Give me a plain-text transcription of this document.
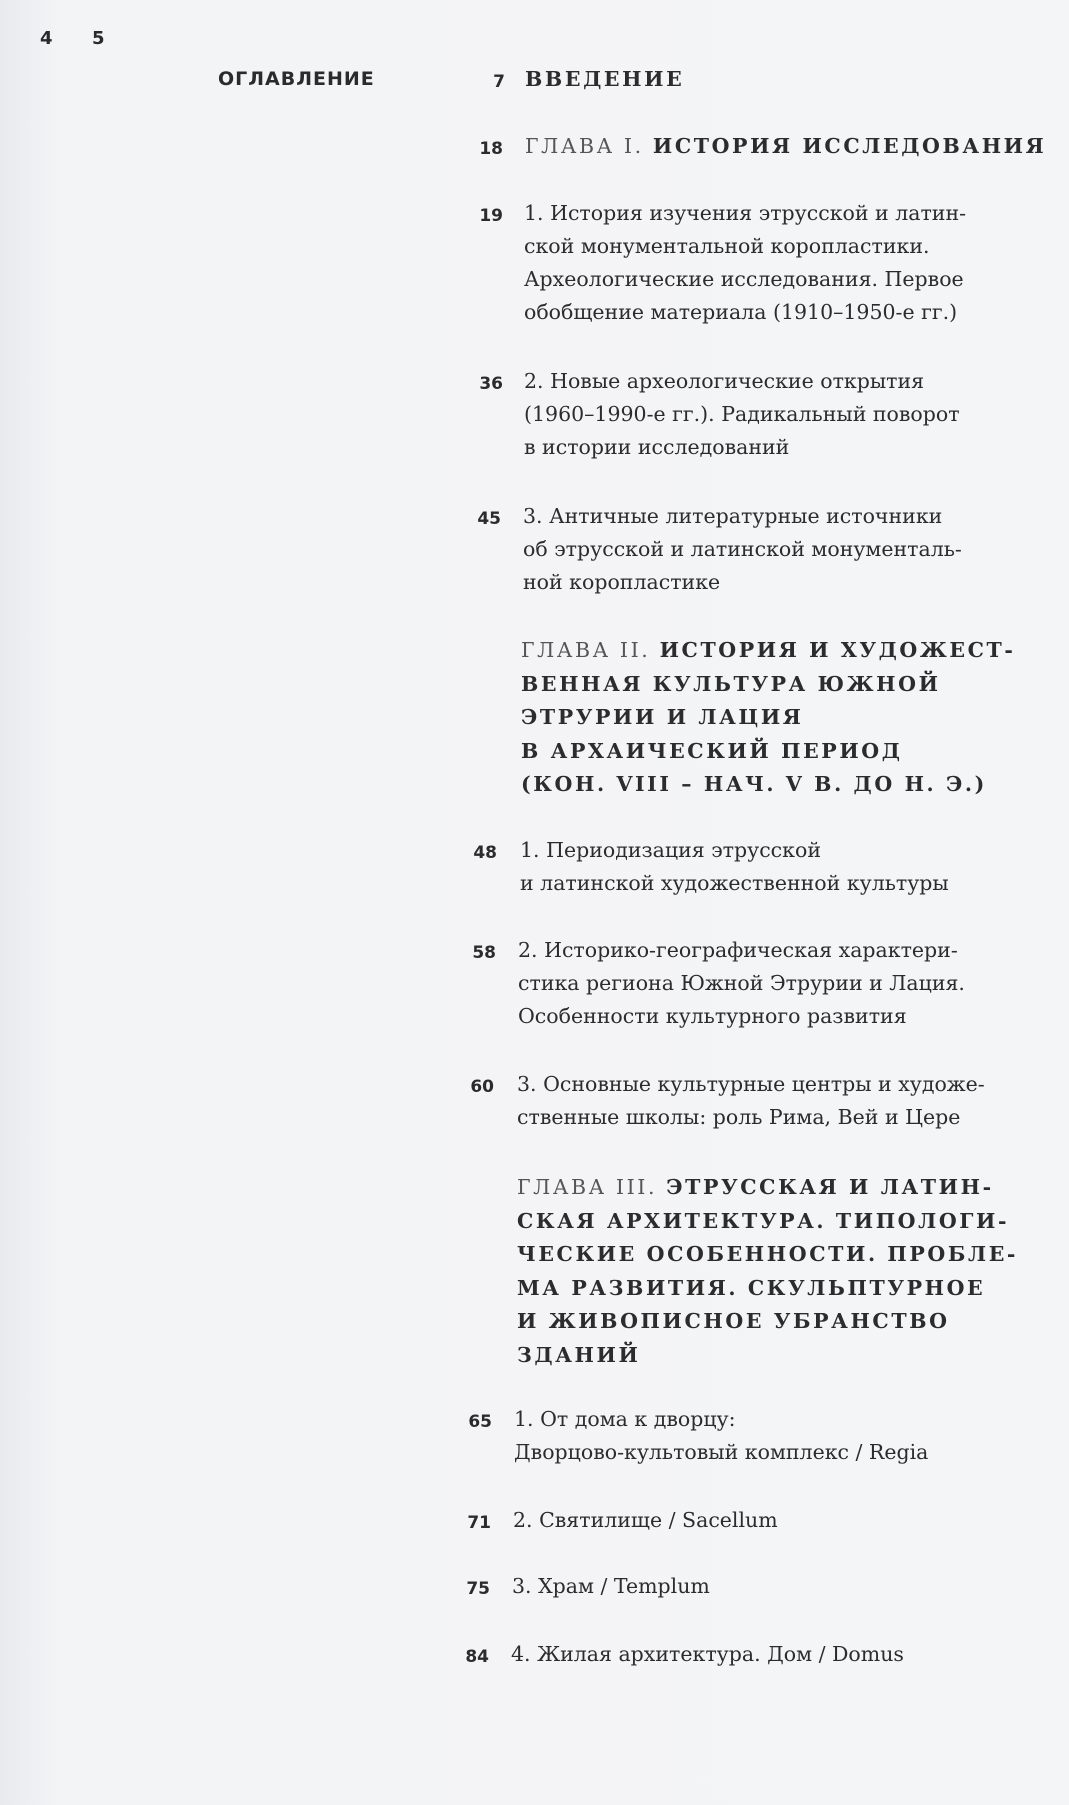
4 5
ОГЛАВЛЕНИЕ	7 ВВЕДЕНИЕ
18 ГЛАВА I. ИСТОРИЯ ИССЛЕДОВАНИЯ
19 1. История изучения этрусской и латин-
ской монументальной коропластики.
Археологические исследования. Первое
обобщение материала (1910–1950-е гг.)
36 2. Новые археологические открытия
(1960–1990-е гг.). Радикальный поворот
в истории исследований
45 3. Античные литературные источники
об этрусской и латинской монументаль-
ной коропластике
ГЛАВА II. ИСТОРИЯ И ХУДОЖЕСТ-
ВЕННАЯ КУЛЬТУРА ЮЖНОЙ
ЭТРУРИИ И ЛАЦИЯ
В АРХАИЧЕСКИЙ ПЕРИОД
(КОН. VIII – НАЧ. V В. ДО Н. Э.)
48 1. Периодизация этрусской
и латинской художественной культуры
58 2. Историко-географическая характери-
стика региона Южной Этрурии и Лация.
Особенности культурного развития
60 3. Основные культурные центры и художе-
ственные школы: роль Рима, Вей и Цере
ГЛАВА III. ЭТРУССКАЯ И ЛАТИН-
СКАЯ АРХИТЕКТУРА. ТИПОЛОГИ-
ЧЕСКИЕ ОСОБЕННОСТИ. ПРОБЛЕ-
МА РАЗВИТИЯ. СКУЛЬПТУРНОЕ
И ЖИВОПИСНОЕ УБРАНСТВО
ЗДАНИЙ
65 1. От дома к дворцу:
Дворцово-культовый комплекс / Regia
71 2. Святилище / Sacellum
75 3. Храм / Templum
84 4. Жилая архитектура. Дом / Domus
